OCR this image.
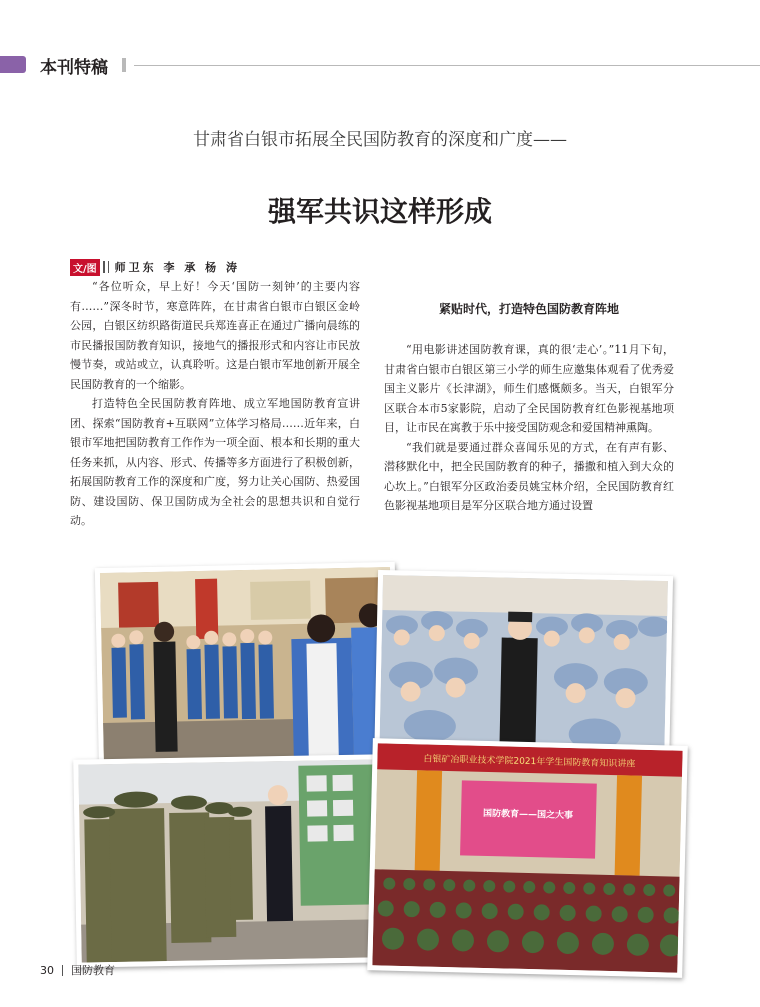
本刊特稿
甘肃省白银市拓展全民国防教育的深度和广度——
强军共识这样形成
文/图 师卫东 李 承 杨 涛

“各位听众，早上好！今天‘国防一刻钟’的主要内容有……”深冬时节，寒意阵阵，在甘肃省白银市白银区金岭公园，白银区纺织路街道民兵郑连喜正在通过广播向晨练的市民播报国防教育知识，接地气的播报形式和内容让市民放慢节奏，或站或立，认真聆听。这是白银市军地创新开展全民国防教育的一个缩影。

打造特色全民国防教育阵地、成立军地国防教育宣讲团、探索“国防教育+互联网”立体学习格局……近年来，白银市军地把国防教育工作作为一项全面、根本和长期的重大任务来抓，从内容、形式、传播等多方面进行了积极创新，拓展国防教育工作的深度和广度，努力让关心国防、热爱国防、建设国防、保卫国防成为全社会的思想共识和自觉行动。

紧贴时代，打造特色国防教育阵地

“用电影讲述国防教育课，真的很‘走心’。”11月下旬，甘肃省白银市白银区第三小学的师生应邀集体观看了优秀爱国主义影片《长津湖》，师生们感慨颇多。当天，白银军分区联合本市5家影院，启动了全民国防教育红色影视基地项目，让市民在寓教于乐中接受国防观念和爱国精神熏陶。

“我们就是要通过群众喜闻乐见的方式，在有声有影、潜移默化中，把全民国防教育的种子，播撒和植入到大众的心坎上。”白银军分区政治委员姚宝林介绍，全民国防教育红色影视基地项目是军分区联合地方通过设置

白银矿冶职业技术学院2021年学生国防教育知识讲座
国防教育——国之大事
30 国防教育
